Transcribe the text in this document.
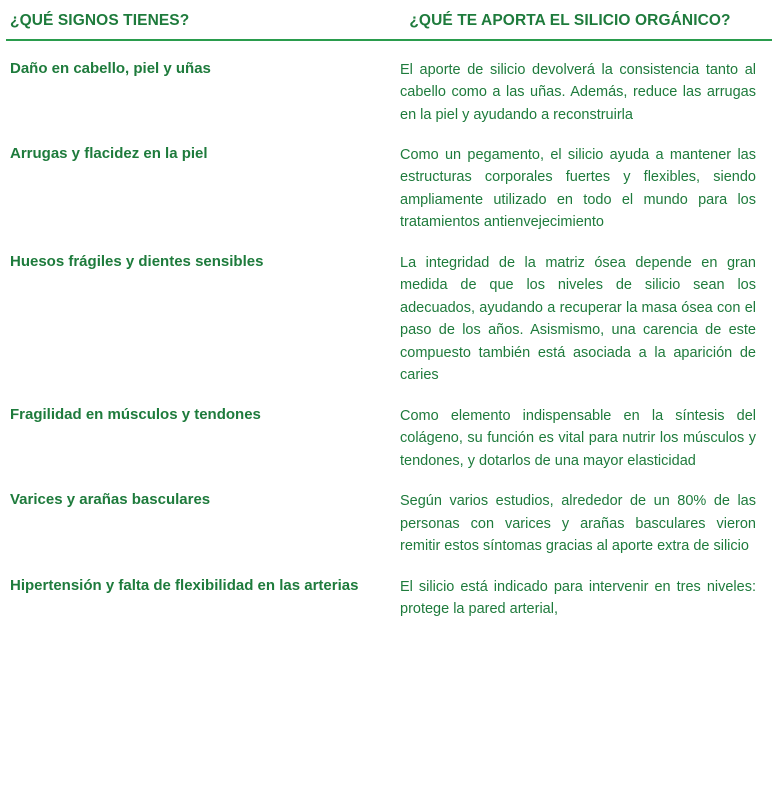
¿QUÉ SIGNOS TIENES?	¿QUÉ TE APORTA EL SILICIO ORGÁNICO?
Daño en cabello, piel y uñas	El aporte de silicio devolverá la consistencia tanto al cabello como a las uñas. Además, reduce las arrugas en la piel y ayudando a reconstruirla
Arrugas y flacidez en la piel	Como un pegamento, el silicio ayuda a mantener las estructuras corporales fuertes y flexibles, siendo ampliamente utilizado en todo el mundo para los tratamientos antienvejecimiento
Huesos frágiles y dientes sensibles	La integridad de la matriz ósea depende en gran medida de que los niveles de silicio sean los adecuados, ayudando a recuperar la masa ósea con el paso de los años. Asismismo, una carencia de este compuesto también está asociada a la aparición de caries
Fragilidad en músculos y tendones	Como elemento indispensable en la síntesis del colágeno, su función es vital para nutrir los músculos y tendones, y dotarlos de una mayor elasticidad
Varices y arañas basculares	Según varios estudios, alrededor de un 80% de las personas con varices y arañas basculares vieron remitir estos síntomas gracias al aporte extra de silicio
Hipertensión y falta de flexibilidad en las arterias	El silicio está indicado para intervenir en tres niveles: protege la pared arterial,
